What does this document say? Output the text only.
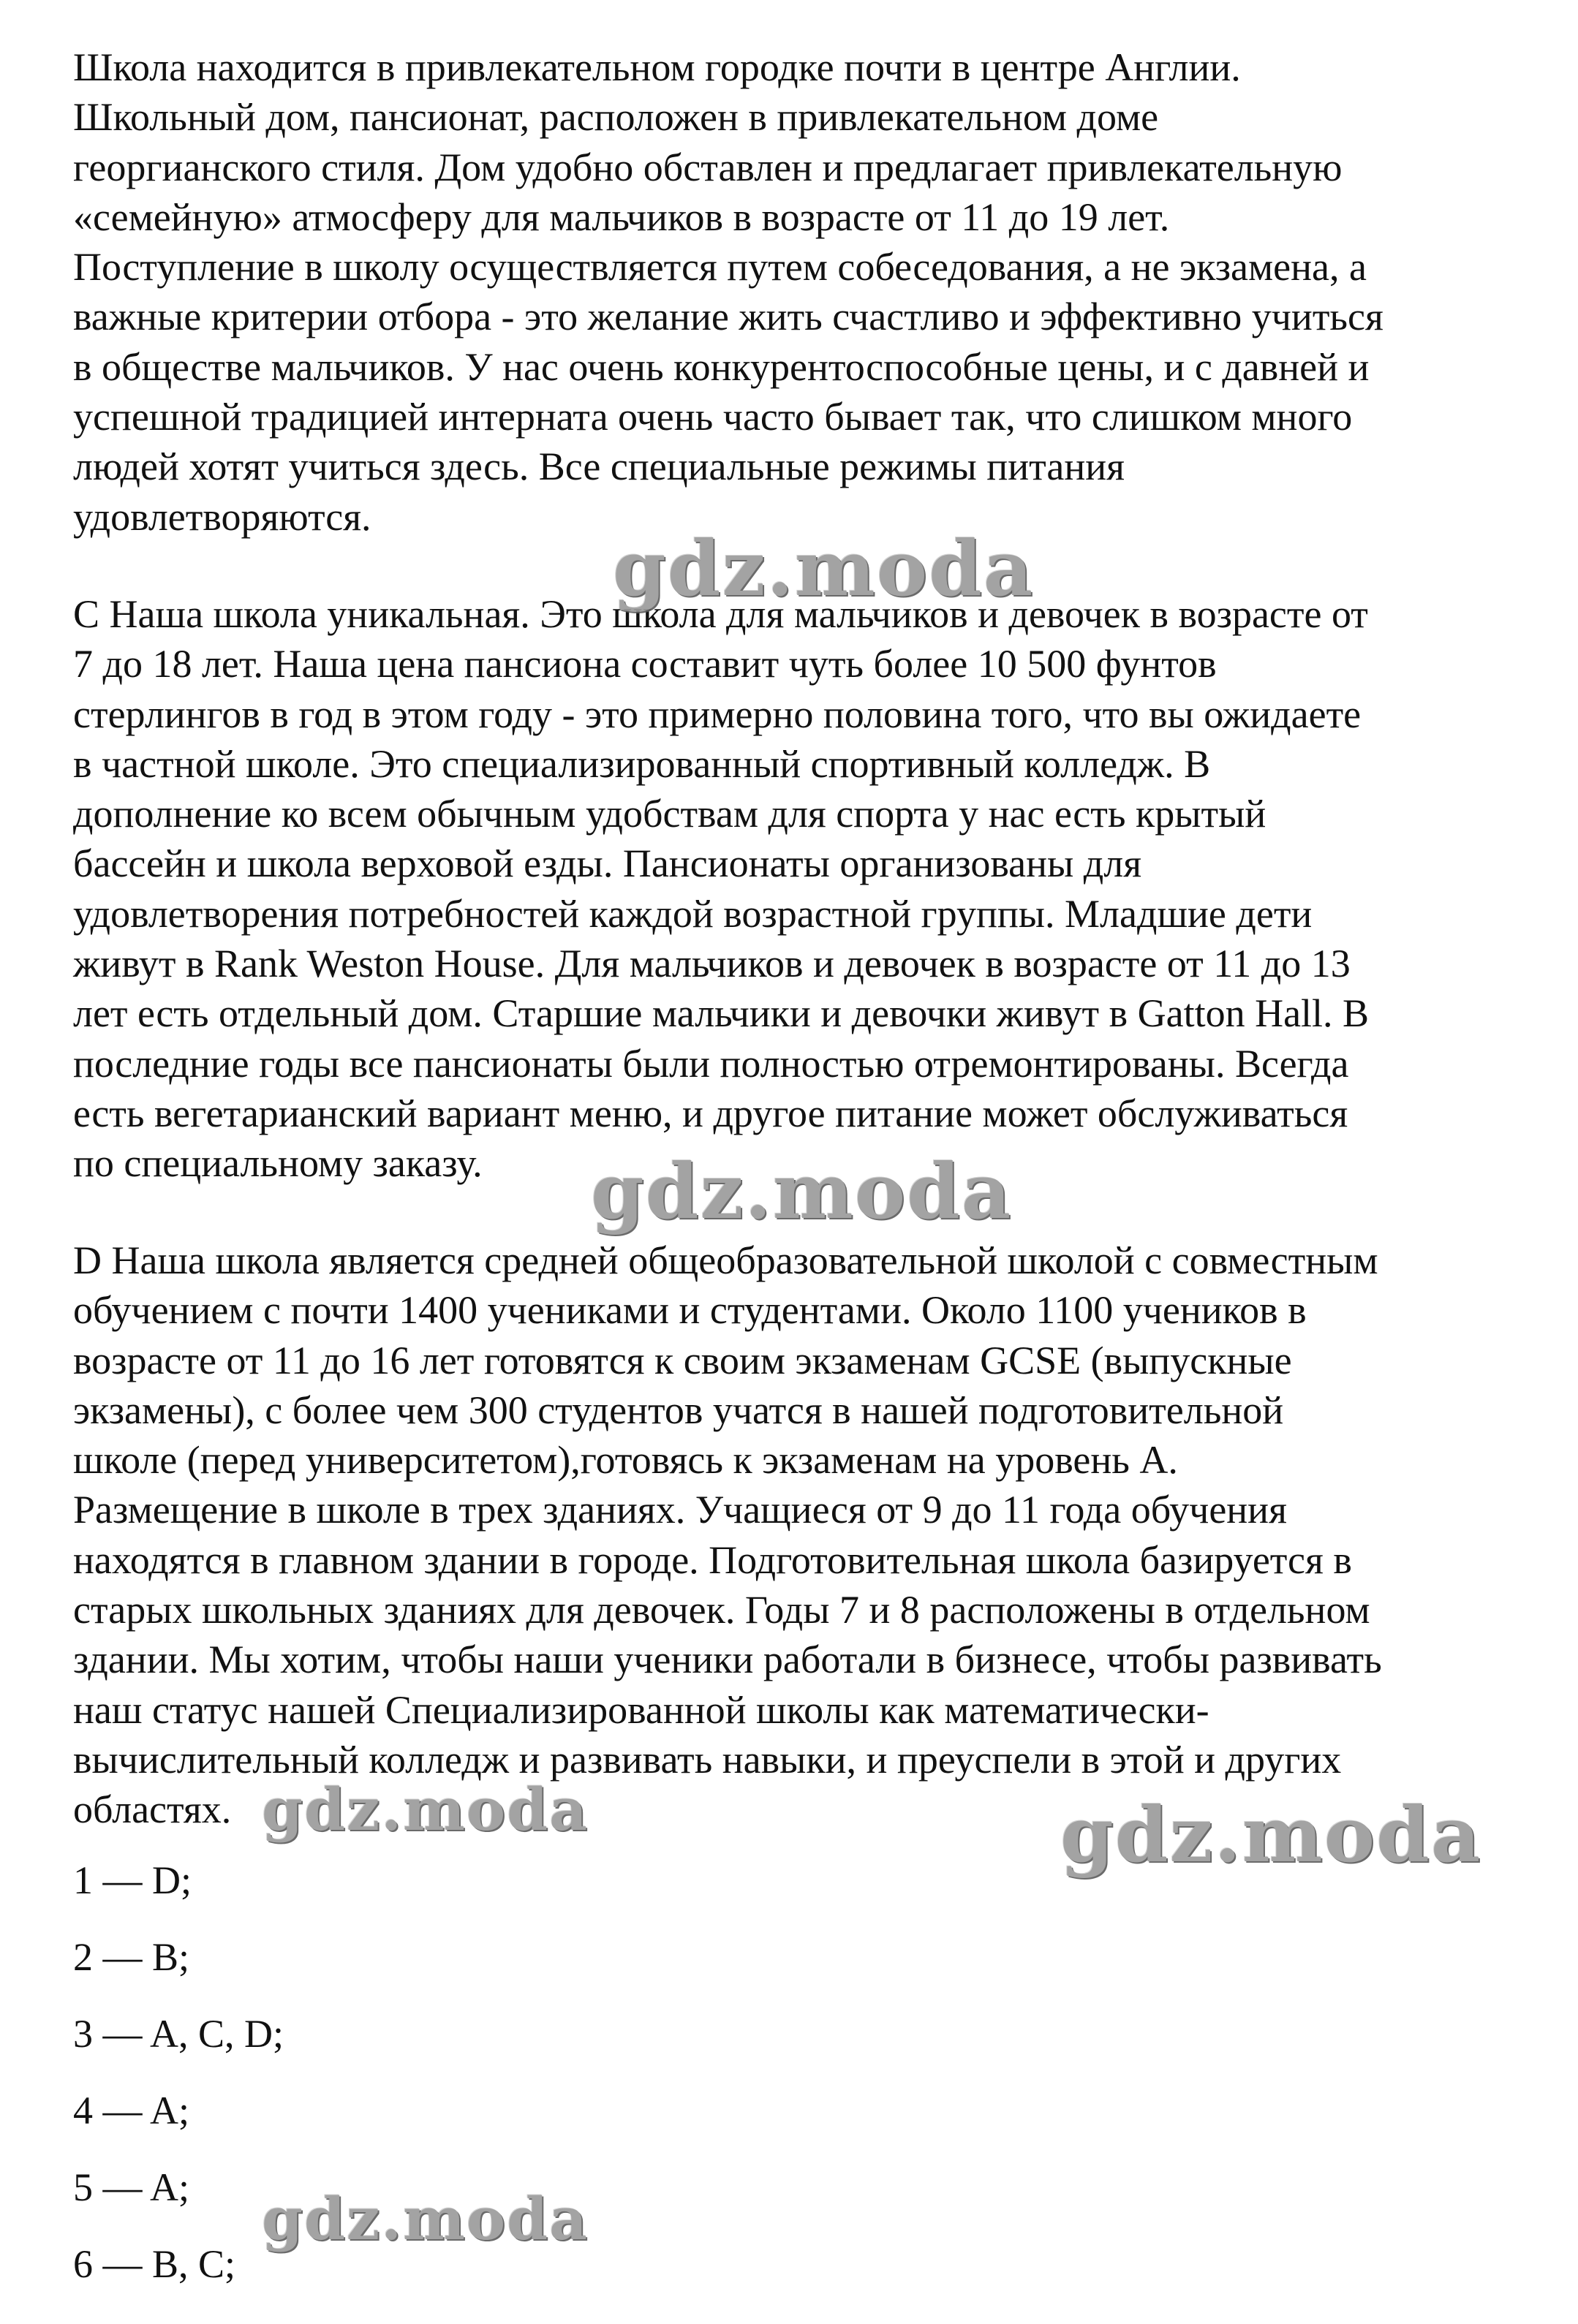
Школа находится в привлекательном городке почти в центре Англии.
Школьный дом, пансионат, расположен в привлекательном доме
георгианского стиля. Дом удобно обставлен и предлагает привлекательную
«семейную» атмосферу для мальчиков в возрасте от 11 до 19 лет.
Поступление в школу осуществляется путем собеседования, а не экзамена, а
важные критерии отбора - это желание жить счастливо и эффективно учиться
в обществе мальчиков. У нас очень конкурентоспособные цены, и с давней и
успешной традицией интерната очень часто бывает так, что слишком много
людей хотят учиться здесь. Все специальные режимы питания
удовлетворяются.

C Наша школа уникальная. Это школа для мальчиков и девочек в возрасте от
7 до 18 лет. Наша цена пансиона составит чуть более 10 500 фунтов
стерлингов в год в этом году - это примерно половина того, что вы ожидаете
в частной школе. Это специализированный спортивный колледж. В
дополнение ко всем обычным удобствам для спорта у нас есть крытый
бассейн и школа верховой езды. Пансионаты организованы для
удовлетворения потребностей каждой возрастной группы. Младшие дети
живут в Rank Weston House. Для мальчиков и девочек в возрасте от 11 до 13
лет есть отдельный дом. Старшие мальчики и девочки живут в Gatton Hall. В
последние годы все пансионаты были полностью отремонтированы. Всегда
есть вегетарианский вариант меню, и другое питание может обслуживаться
по специальному заказу.

D Наша школа является средней общеобразовательной школой с совместным
обучением с почти 1400 учениками и студентами. Около 1100 учеников в
возрасте от 11 до 16 лет готовятся к своим экзаменам GCSE (выпускные
экзамены), с более чем 300 студентов учатся в нашей подготовительной
школе (перед университетом),готовясь к экзаменам на уровень A.
Размещение в школе в трех зданиях. Учащиеся от 9 до 11 года обучения
находятся в главном здании в городе. Подготовительная школа базируется в
старых школьных зданиях для девочек. Годы 7 и 8 расположены в отдельном
здании. Мы хотим, чтобы наши ученики работали в бизнесе, чтобы развивать
наш статус нашей Специализированной школы как математически-
вычислительный колледж и развивать навыки, и преуспели в этой и других
областях.

1 — D;
2 — B;
3 — A, C, D;
4 — A;
5 — A;
6 — B, C;
gdz.moda
gdz.moda
gdz.moda	gdz.moda
gdz.moda
